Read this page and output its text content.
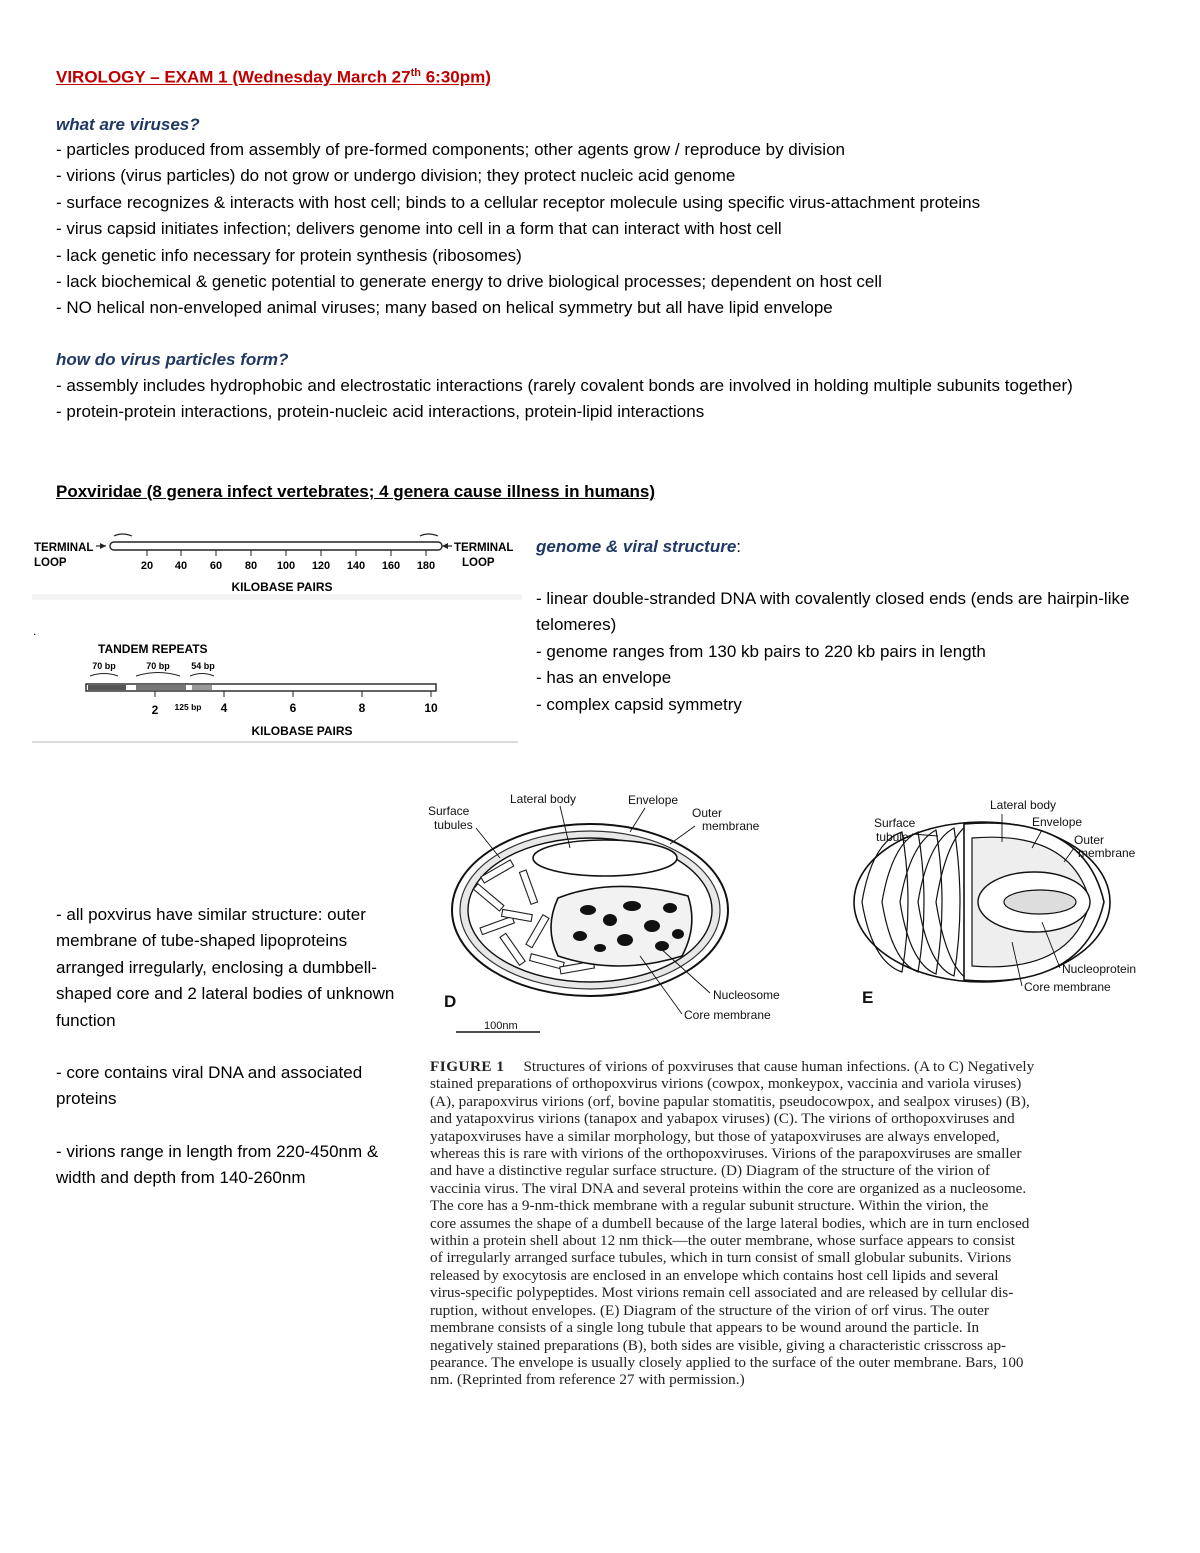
VIROLOGY – EXAM 1 (Wednesday March 27th 6:30pm)
what are viruses?
- particles produced from assembly of pre-formed components; other agents grow / reproduce by division
- virions (virus particles) do not grow or undergo division; they protect nucleic acid genome
- surface recognizes & interacts with host cell; binds to a cellular receptor molecule using specific virus-attachment proteins
- virus capsid initiates infection; delivers genome into cell in a form that can interact with host cell
- lack genetic info necessary for protein synthesis (ribosomes)
- lack biochemical & genetic potential to generate energy to drive biological processes; dependent on host cell
- NO helical non-enveloped animal viruses; many based on helical symmetry but all have lipid envelope
how do virus particles form?
- assembly includes hydrophobic and electrostatic interactions (rarely covalent bonds are involved in holding multiple subunits together)
- protein-protein interactions, protein-nucleic acid interactions, protein-lipid interactions
Poxviridae (8 genera infect vertebrates; 4 genera cause illness in humans)
TERMINAL
LOOP
TERMINAL
LOOP
20 40 60 80 100 120 140 160 180
KILOBASE PAIRS
TANDEM REPEATS
70 bp	70 bp 54 bp
2 125 bp 4	6	8	10
KILOBASE PAIRS
.
genome & viral structure:
- linear double-stranded DNA with covalently closed ends (ends are hairpin-like telomeres)
- genome ranges from 130 kb pairs to 220 kb pairs in length
- has an envelope
- complex capsid symmetry
- all poxvirus have similar structure: outer membrane of tube-shaped lipoproteins arranged irregularly, enclosing a dumbbell-shaped core and 2 lateral bodies of unknown function
- core contains viral DNA and associated proteins
- virions range in length from 220-450nm & width and depth from 140-260nm
Surface
tubules
Lateral body	Envelope
Outer
membrane
Nucleosome
Core membrane
D
100nm
Surface
tubule
Lateral body
Envelope
Outer
membrane
Nucleoprotein
Core membrane
E
FIGURE 1 Structures of virions of poxviruses that cause human infections. (A to C) Negatively
stained preparations of orthopoxvirus virions (cowpox, monkeypox, vaccinia and variola viruses)
(A), parapoxvirus virions (orf, bovine papular stomatitis, pseudocowpox, and sealpox viruses) (B),
and yatapoxvirus virions (tanapox and yabapox viruses) (C). The virions of orthopoxviruses and
yatapoxviruses have a similar morphology, but those of yatapoxviruses are always enveloped,
whereas this is rare with virions of the orthopoxviruses. Virions of the parapoxviruses are smaller
and have a distinctive regular surface structure. (D) Diagram of the structure of the virion of
vaccinia virus. The viral DNA and several proteins within the core are organized as a nucleosome.
The core has a 9-nm-thick membrane with a regular subunit structure. Within the virion, the
core assumes the shape of a dumbell because of the large lateral bodies, which are in turn enclosed
within a protein shell about 12 nm thick—the outer membrane, whose surface appears to consist
of irregularly arranged surface tubules, which in turn consist of small globular subunits. Virions
released by exocytosis are enclosed in an envelope which contains host cell lipids and several
virus-specific polypeptides. Most virions remain cell associated and are released by cellular dis-
ruption, without envelopes. (E) Diagram of the structure of the virion of orf virus. The outer
membrane consists of a single long tubule that appears to be wound around the particle. In
negatively stained preparations (B), both sides are visible, giving a characteristic crisscross ap-
pearance. The envelope is usually closely applied to the surface of the outer membrane. Bars, 100
nm. (Reprinted from reference 27 with permission.)
